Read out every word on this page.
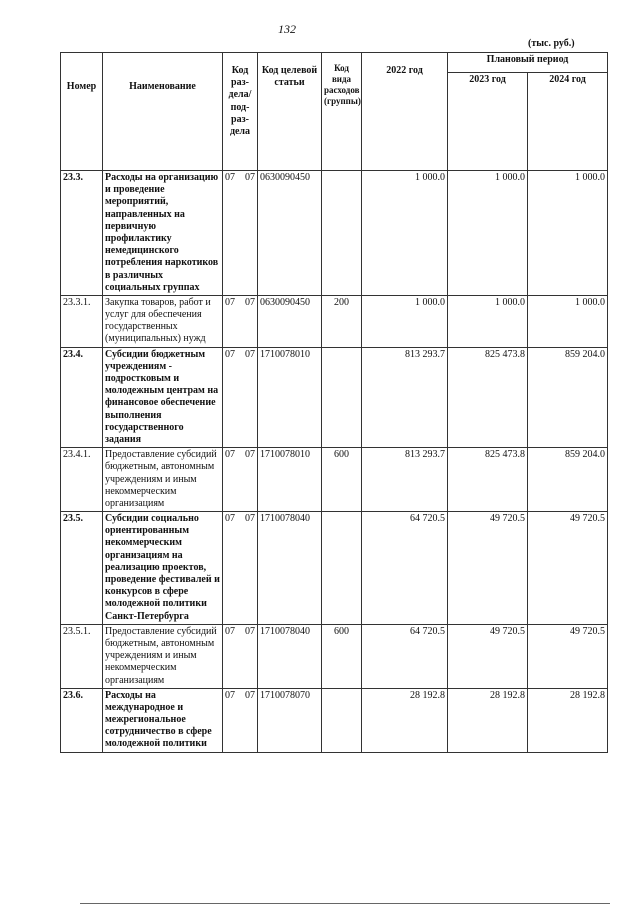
132
(тыс. руб.)
Номер	Наименование	Код раз-дела/ под-раз-дела	Код целевой статьи	Код вида расходов (группы)	2022 год	Плановый период	
						2023 год	2024 год
23.3.	Расходы на организацию и проведение мероприятий, направленных на первичную профилактику немедицинского потребления наркотиков в различных социальных группах	07 07	0630090450		1 000.0	1 000.0	1 000.0
23.3.1.	Закупка товаров, работ и услуг для обеспечения государственных (муниципальных) нужд	07 07	0630090450	200	1 000.0	1 000.0	1 000.0
23.4.	Субсидии бюджетным учреждениям - подростковым и молодежным центрам на финансовое обеспечение выполнения государственного задания	07 07	1710078010		813 293.7	825 473.8	859 204.0
23.4.1.	Предоставление субсидий бюджетным, автономным учреждениям и иным некоммерческим организациям	07 07	1710078010	600	813 293.7	825 473.8	859 204.0
23.5.	Субсидии социально ориентированным некоммерческим организациям на реализацию проектов, проведение фестивалей и конкурсов в сфере молодежной политики Санкт-Петербурга	07 07	1710078040		64 720.5	49 720.5	49 720.5
23.5.1.	Предоставление субсидий бюджетным, автономным учреждениям и иным некоммерческим организациям	07 07	1710078040	600	64 720.5	49 720.5	49 720.5
23.6.	Расходы на международное и межрегиональное сотрудничество в сфере молодежной политики	07 07	1710078070		28 192.8	28 192.8	28 192.8
